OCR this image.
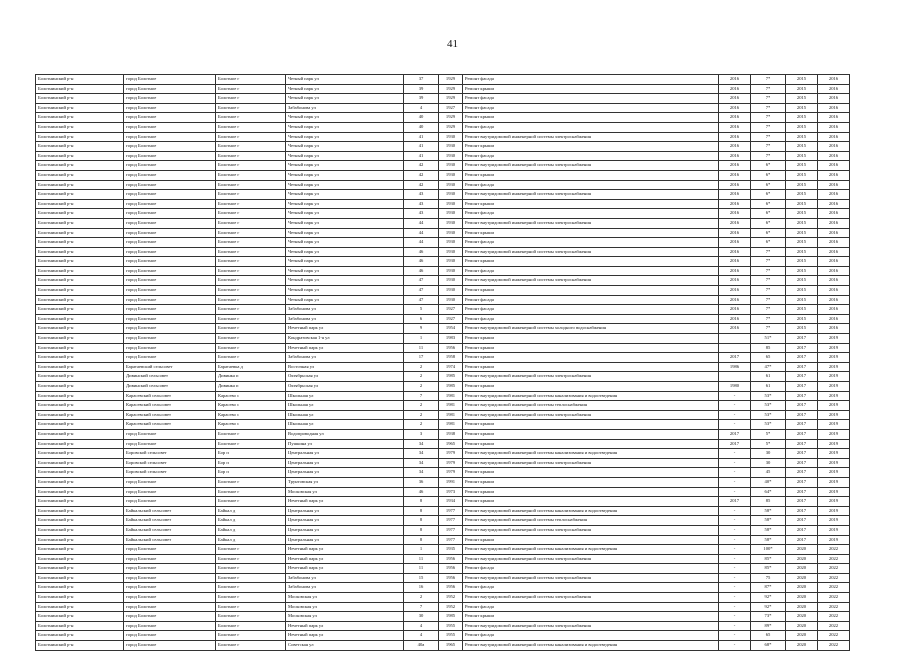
41
Болотнинский р-н	город Болотное	Болотное г	Четный парк ул	37	1929	Ремонт фасада	2016	7*	2015	2016
Болотнинский р-н	город Болотное	Болотное г	Четный парк ул	39	1929	Ремонт крыши	2016	7*	2015	2016
Болотнинский р-н	город Болотное	Болотное г	Четный парк ул	39	1929	Ремонт фасада	2016	7*	2015	2016
Болотнинский р-н	город Болотное	Болотное г	Забабонова ул	4	1927	Ремонт фасада	2016	7*	2015	2016
Болотнинский р-н	город Болотное	Болотное г	Четный парк ул	40	1929	Ремонт крыши	2016	7*	2015	2016
Болотнинский р-н	город Болотное	Болотное г	Четный парк ул	40	1929	Ремонт фасада	2016	7*	2015	2016
Болотнинский р-н	город Болотное	Болотное г	Четный парк ул	41	1930	Ремонт внутридомовой инженерной системы электроснабжения	2016	7*	2015	2016
Болотнинский р-н	город Болотное	Болотное г	Четный парк ул	41	1930	Ремонт крыши	2016	7*	2015	2016
Болотнинский р-н	город Болотное	Болотное г	Четный парк ул	41	1930	Ремонт фасада	2016	7*	2015	2016
Болотнинский р-н	город Болотное	Болотное г	Четный парк ул	42	1930	Ремонт внутридомовой инженерной системы электроснабжения	2016	6*	2015	2016
Болотнинский р-н	город Болотное	Болотное г	Четный парк ул	42	1930	Ремонт крыши	2016	6*	2015	2016
Болотнинский р-н	город Болотное	Болотное г	Четный парк ул	42	1930	Ремонт фасада	2016	6*	2015	2016
Болотнинский р-н	город Болотное	Болотное г	Четный парк ул	43	1930	Ремонт внутридомовой инженерной системы электроснабжения	2016	6*	2015	2016
Болотнинский р-н	город Болотное	Болотное г	Четный парк ул	43	1930	Ремонт крыши	2016	6*	2015	2016
Болотнинский р-н	город Болотное	Болотное г	Четный парк ул	43	1930	Ремонт фасада	2016	6*	2015	2016
Болотнинский р-н	город Болотное	Болотное г	Четный парк ул	44	1930	Ремонт внутридомовой инженерной системы электроснабжения	2016	6*	2015	2016
Болотнинский р-н	город Болотное	Болотное г	Четный парк ул	44	1930	Ремонт крыши	2016	6*	2015	2016
Болотнинский р-н	город Болотное	Болотное г	Четный парк ул	44	1930	Ремонт фасада	2016	6*	2015	2016
Болотнинский р-н	город Болотное	Болотное г	Четный парк ул	46	1930	Ремонт внутридомовой инженерной системы электроснабжения	2016	7*	2015	2016
Болотнинский р-н	город Болотное	Болотное г	Четный парк ул	46	1930	Ремонт крыши	2016	7*	2015	2016
Болотнинский р-н	город Болотное	Болотное г	Четный парк ул	46	1930	Ремонт фасада	2016	7*	2015	2016
Болотнинский р-н	город Болотное	Болотное г	Четный парк ул	47	1930	Ремонт внутридомовой инженерной системы электроснабжения	2016	7*	2015	2016
Болотнинский р-н	город Болотное	Болотное г	Четный парк ул	47	1930	Ремонт крыши	2016	7*	2015	2016
Болотнинский р-н	город Болотное	Болотное г	Четный парк ул	47	1930	Ремонт фасада	2016	7*	2015	2016
Болотнинский р-н	город Болотное	Болотное г	Забабонова ул	5	1927	Ремонт фасада	2016	7*	2015	2016
Болотнинский р-н	город Болотное	Болотное г	Забабонова ул	6	1927	Ремонт фасада	2016	7*	2015	2016
Болотнинский р-н	город Болотное	Болотное г	Нечетный парк ул	9	1954	Ремонт внутридомовой инженерной системы холодного водоснабжения	2016	7*	2015	2016
Болотнинский р-н	город Болотное	Болотное г	Кондратовская 1-я ул	1	1983	Ремонт крыши		51*	2017	2019
Болотнинский р-н	город Болотное	Болотное г	Нечетный парк ул	11	1956	Ремонт крыши		85	2017	2019
Болотнинский р-н	город Болотное	Болотное г	Забабонова ул	17	1958	Ремонт крыши	2017	65	2017	2019
Болотнинский р-н	Баратаевский сельсовет	Баратаевка д	Восточная ул	2	1974	Ремонт крыши	1986	47*	2017	2019
Болотнинский р-н	Дивинский сельсовет	Дивинка п	Октябрьская ул	2	1985	Ремонт внутридомовой инженерной системы электроснабжения		61	2017	2019
Болотнинский р-н	Дивинский сельсовет	Дивинка п	Октябрьская ул	2	1985	Ремонт крыши	1980	61	2017	2019
Болотнинский р-н	Карасевский сельсовет	Карасево с	Школьная ул	7	1981	Ремонт внутридомовой инженерной системы канализования и водоотведения	-	53*	2017	2019
Болотнинский р-н	Карасевский сельсовет	Карасево с	Школьная ул	2	1981	Ремонт внутридомовой инженерной системы теплоснабжения	-	53*	2017	2019
Болотнинский р-н	Карасевский сельсовет	Карасево с	Школьная ул	2	1981	Ремонт внутридомовой инженерной системы электроснабжения	-	53*	2017	2019
Болотнинский р-н	Карасевский сельсовет	Карасево с	Школьная ул	2	1981	Ремонт крыши	-	53*	2017	2019
Болотнинский р-н	город Болотное	Болотное г	Водопроводная ул	3	1938	Ремонт крыши	2017	5*	2017	2019
Болотнинский р-н	город Болотное	Болотное г	Пушкина ул	34	1965	Ремонт крыши	2017	5*	2017	2019
Болотнинский р-н	Боровской сельсовет	Бор п	Центральная ул	34	1979	Ремонт внутридомовой инженерной системы канализования и водоотведения	-	30	2017	2019
Болотнинский р-н	Боровской сельсовет	Бор п	Центральная ул	34	1979	Ремонт внутридомовой инженерной системы электроснабжения	-	30	2017	2019
Болотнинский р-н	Боровской сельсовет	Бор п	Центральная ул	34	1979	Ремонт крыши	-	45	2017	2019
Болотнинский р-н	город Болотное	Болотное г	Трунтовская ул	36	1991	Ремонт крыши	-	40*	2017	2019
Болотнинский р-н	город Болотное	Болотное г	Московская ул	46	1973	Ремонт крыши	-	64*	2017	2019
Болотнинский р-н	город Болотное	Болотное г	Нечетный парк ул	8	1934	Ремонт крыши	2017	85	2017	2019
Болотнинский р-н	Байкальский сельсовет	Байкал д	Центральная ул	8	1977	Ремонт внутридомовой инженерной системы канализования и водоотведения	-	58*	2017	2019
Болотнинский р-н	Байкальский сельсовет	Байкал д	Центральная ул	8	1977	Ремонт внутридомовой инженерной системы теплоснабжения	-	58*	2017	2019
Болотнинский р-н	Байкальский сельсовет	Байкал д	Центральная ул	8	1977	Ремонт внутридомовой инженерной системы электроснабжения	-	58*	2017	2019
Болотнинский р-н	Байкальский сельсовет	Байкал д	Центральная ул	8	1977	Ремонт крыши	-	58*	2017	2019
Болотнинский р-н	город Болотное	Болотное г	Нечетный парк ул	1	1935	Ремонт внутридомовой инженерной системы канализования и водоотведения	-	100*	2020	2022
Болотнинский р-н	город Болотное	Болотное г	Нечетный парк ул	11	1956	Ремонт внутридомовой инженерной системы электроснабжения	-	85*	2020	2022
Болотнинский р-н	город Болотное	Болотное г	Нечетный парк ул	11	1956	Ремонт фасада	-	85*	2020	2022
Болотнинский р-н	город Болотное	Болотное г	Забабонова ул	15	1956	Ремонт внутридомовой инженерной системы электроснабжения	-	75	2020	2022
Болотнинский р-н	город Болотное	Болотное г	Забабонова ул	16	1956	Ремонт фасада	-	87*	2020	2022
Болотнинский р-н	город Болотное	Болотное г	Московская ул	2	1952	Ремонт внутридомовой инженерной системы электроснабжения	-	92*	2020	2022
Болотнинский р-н	город Болотное	Болотное г	Московская ул	7	1952	Ремонт фасада	-	92*	2020	2022
Болотнинский р-н	город Болотное	Болотное г	Московская ул	30	1985	Ремонт крыши	-	73*	2020	2022
Болотнинский р-н	город Болотное	Болотное г	Нечетный парк ул	4	1955	Ремонт внутридомовой инженерной системы электроснабжения	-	89*	2020	2022
Болотнинский р-н	город Болотное	Болотное г	Нечетный парк ул	4	1955	Ремонт фасада	-	65	2020	2022
Болотнинский р-н	город Болотное	Болотное г	Советская ул	40а	1965	Ремонт внутридомовой инженерной системы канализования и водоотведения	-	68*	2020	2022
